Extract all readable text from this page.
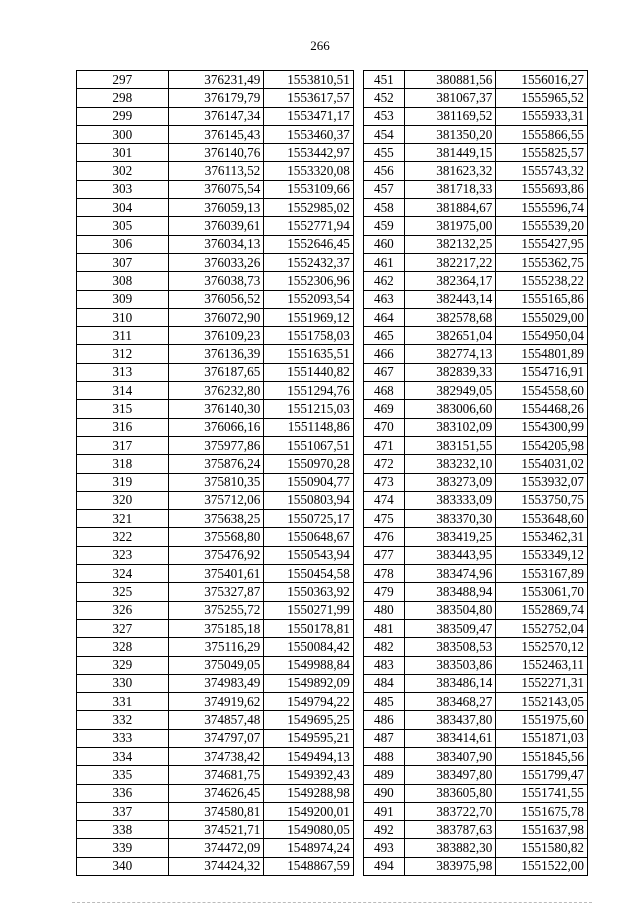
266
297	376231,49	1553810,51		451	380881,56	1556016,27
298	376179,79	1553617,57		452	381067,37	1555965,52
299	376147,34	1553471,17		453	381169,52	1555933,31
300	376145,43	1553460,37		454	381350,20	1555866,55
301	376140,76	1553442,97		455	381449,15	1555825,57
302	376113,52	1553320,08		456	381623,32	1555743,32
303	376075,54	1553109,66		457	381718,33	1555693,86
304	376059,13	1552985,02		458	381884,67	1555596,74
305	376039,61	1552771,94		459	381975,00	1555539,20
306	376034,13	1552646,45		460	382132,25	1555427,95
307	376033,26	1552432,37		461	382217,22	1555362,75
308	376038,73	1552306,96		462	382364,17	1555238,22
309	376056,52	1552093,54		463	382443,14	1555165,86
310	376072,90	1551969,12		464	382578,68	1555029,00
311	376109,23	1551758,03		465	382651,04	1554950,04
312	376136,39	1551635,51		466	382774,13	1554801,89
313	376187,65	1551440,82		467	382839,33	1554716,91
314	376232,80	1551294,76		468	382949,05	1554558,60
315	376140,30	1551215,03		469	383006,60	1554468,26
316	376066,16	1551148,86		470	383102,09	1554300,99
317	375977,86	1551067,51		471	383151,55	1554205,98
318	375876,24	1550970,28		472	383232,10	1554031,02
319	375810,35	1550904,77		473	383273,09	1553932,07
320	375712,06	1550803,94		474	383333,09	1553750,75
321	375638,25	1550725,17		475	383370,30	1553648,60
322	375568,80	1550648,67		476	383419,25	1553462,31
323	375476,92	1550543,94		477	383443,95	1553349,12
324	375401,61	1550454,58		478	383474,96	1553167,89
325	375327,87	1550363,92		479	383488,94	1553061,70
326	375255,72	1550271,99		480	383504,80	1552869,74
327	375185,18	1550178,81		481	383509,47	1552752,04
328	375116,29	1550084,42		482	383508,53	1552570,12
329	375049,05	1549988,84		483	383503,86	1552463,11
330	374983,49	1549892,09		484	383486,14	1552271,31
331	374919,62	1549794,22		485	383468,27	1552143,05
332	374857,48	1549695,25		486	383437,80	1551975,60
333	374797,07	1549595,21		487	383414,61	1551871,03
334	374738,42	1549494,13		488	383407,90	1551845,56
335	374681,75	1549392,43		489	383497,80	1551799,47
336	374626,45	1549288,98		490	383605,80	1551741,55
337	374580,81	1549200,01		491	383722,70	1551675,78
338	374521,71	1549080,05		492	383787,63	1551637,98
339	374472,09	1548974,24		493	383882,30	1551580,82
340	374424,32	1548867,59		494	383975,98	1551522,00
